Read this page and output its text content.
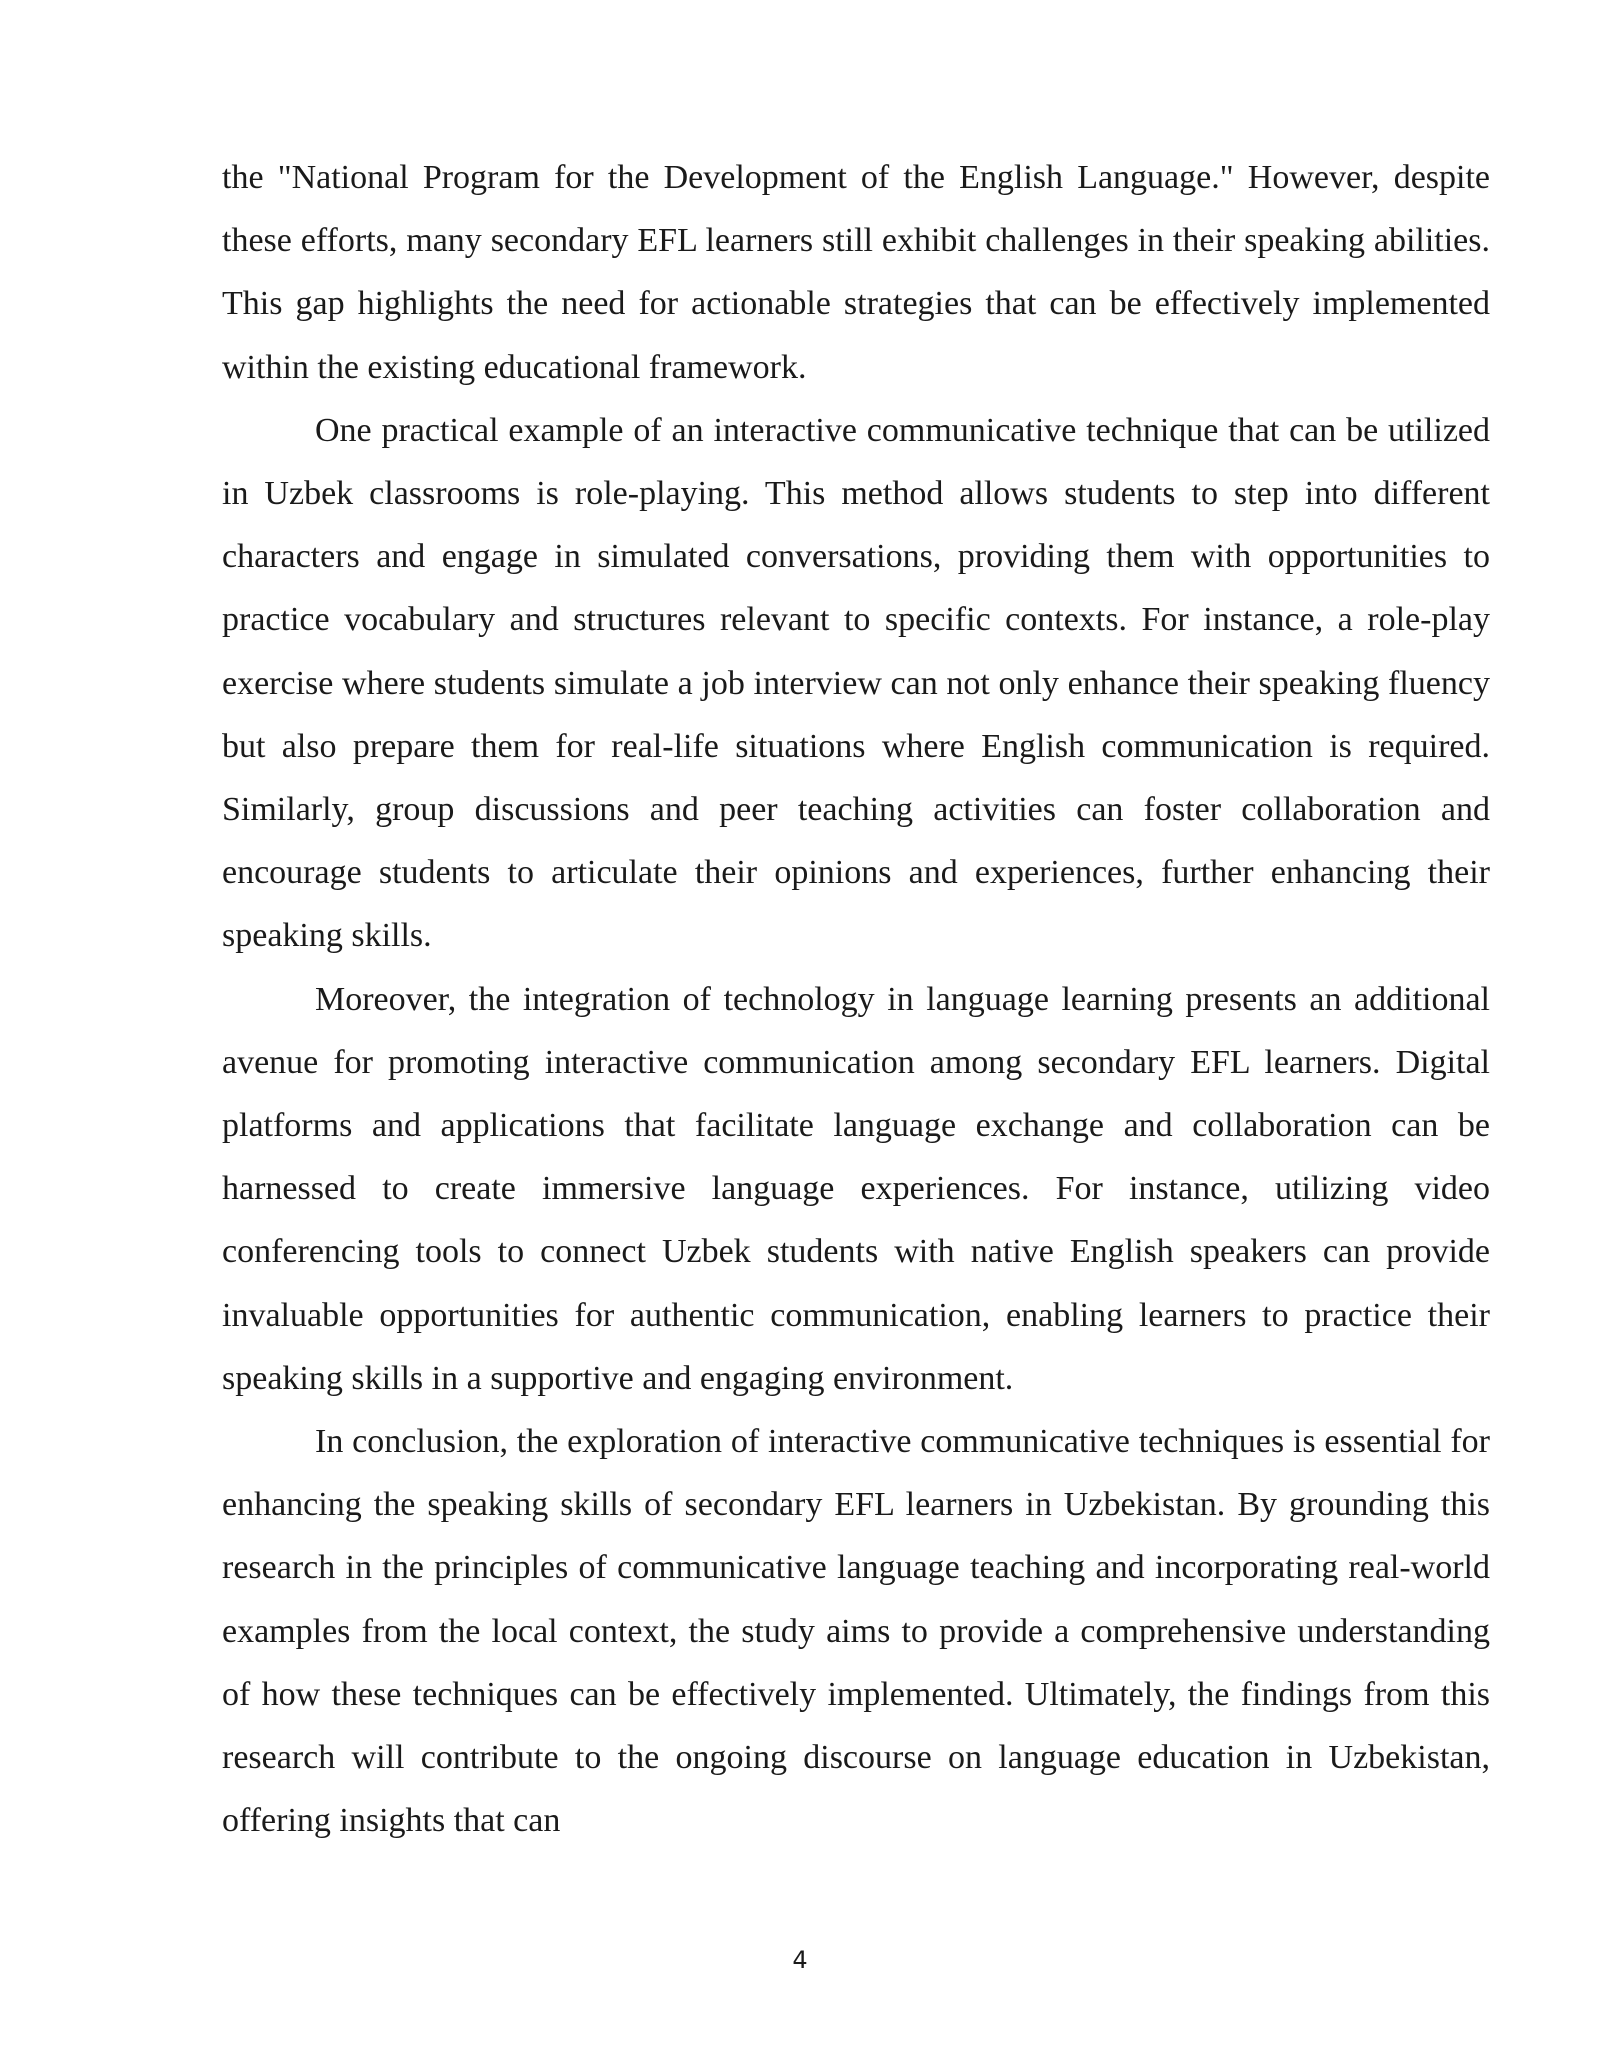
the "National Program for the Development of the English Language." However, despite these efforts, many secondary EFL learners still exhibit challenges in their speaking abilities. This gap highlights the need for actionable strategies that can be effectively implemented within the existing educational framework.

One practical example of an interactive communicative technique that can be utilized in Uzbek classrooms is role-playing. This method allows students to step into different characters and engage in simulated conversations, providing them with opportunities to practice vocabulary and structures relevant to specific contexts. For instance, a role-play exercise where students simulate a job interview can not only enhance their speaking fluency but also prepare them for real-life situations where English communication is required. Similarly, group discussions and peer teaching activities can foster collaboration and encourage students to articulate their opinions and experiences, further enhancing their speaking skills.

Moreover, the integration of technology in language learning presents an additional avenue for promoting interactive communication among secondary EFL learners. Digital platforms and applications that facilitate language exchange and collaboration can be harnessed to create immersive language experiences. For instance, utilizing video conferencing tools to connect Uzbek students with native English speakers can provide invaluable opportunities for authentic communication, enabling learners to practice their speaking skills in a supportive and engaging environment.

In conclusion, the exploration of interactive communicative techniques is essential for enhancing the speaking skills of secondary EFL learners in Uzbekistan. By grounding this research in the principles of communicative language teaching and incorporating real-world examples from the local context, the study aims to provide a comprehensive understanding of how these techniques can be effectively implemented. Ultimately, the findings from this research will contribute to the ongoing discourse on language education in Uzbekistan, offering insights that can

4
